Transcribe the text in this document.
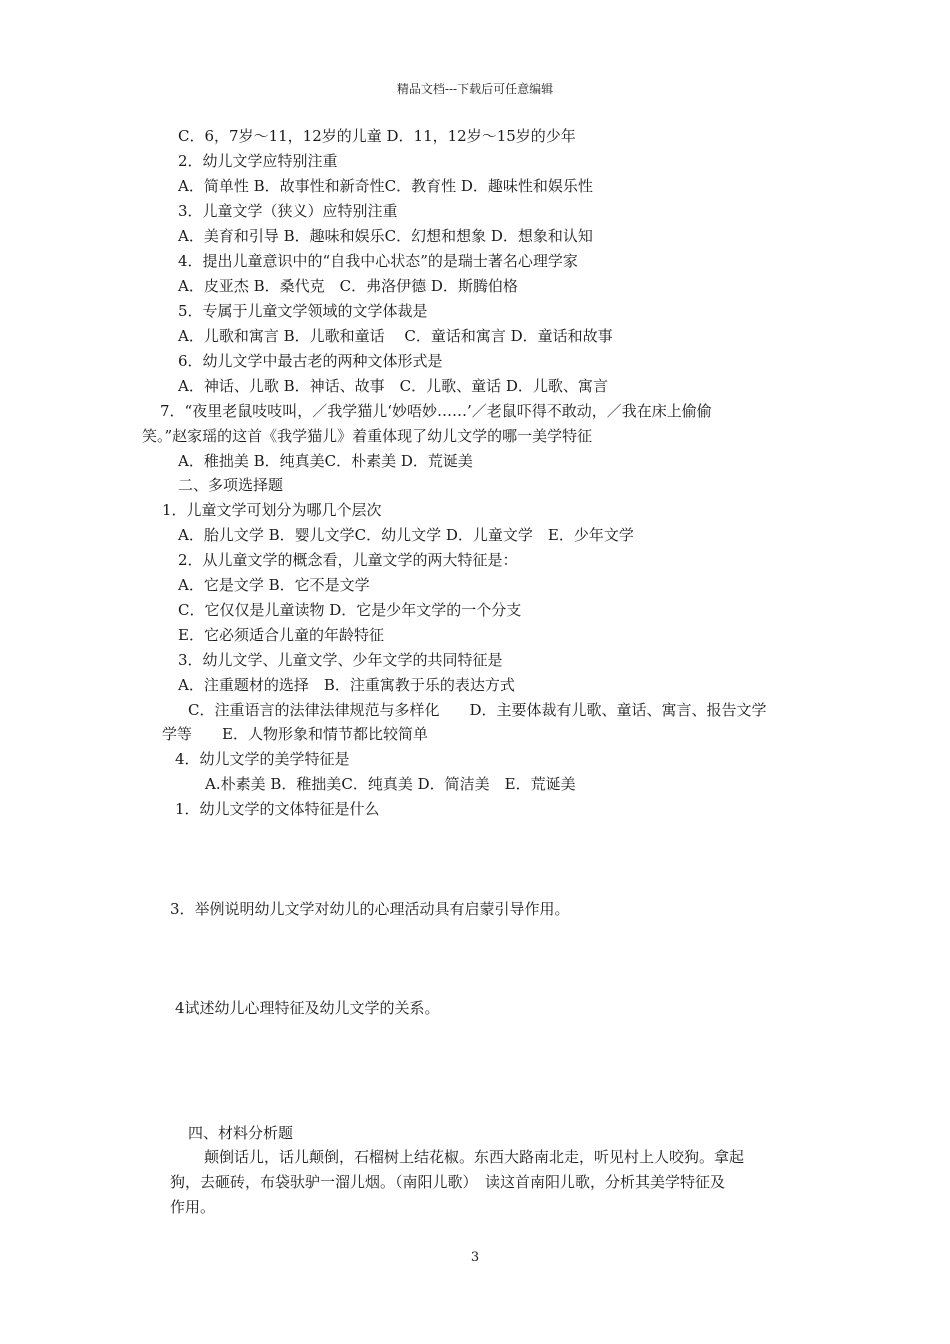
精品文档---下载后可任意编辑
C．6，7岁～11，12岁的儿童 D．11，12岁～15岁的少年
2．幼儿文学应特别注重
A．简单性 B．故事性和新奇性C．教育性 D．趣味性和娱乐性
3．儿童文学（狭义）应特别注重
A．美育和引导 B．趣味和娱乐C．幻想和想象 D．想象和认知
4．提出儿童意识中的“自我中心状态”的是瑞士著名心理学家
A．皮亚杰 B．桑代克　C．弗洛伊德 D．斯腾伯格
5．专属于儿童文学领域的文学体裁是
A．儿歌和寓言 B．儿歌和童话　 C．童话和寓言 D．童话和故事
6．幼儿文学中最古老的两种文体形式是
A．神话、儿歌 B．神话、故事　C．儿歌、童话 D．儿歌、寓言
7．“夜里老鼠吱吱叫，／我学猫儿‘妙唔妙……’／老鼠吓得不敢动，／我在床上偷偷
笑。”赵家瑶的这首《我学猫儿》着重体现了幼儿文学的哪一美学特征
A．稚拙美 B．纯真美C．朴素美 D．荒诞美
二、多项选择题
1．儿童文学可划分为哪几个层次
A．胎儿文学 B．婴儿文学C．幼儿文学 D．儿童文学　E．少年文学
2．从儿童文学的概念看，儿童文学的两大特征是：
A．它是文学 B．它不是文学
C．它仅仅是儿童读物 D．它是少年文学的一个分支
E．它必须适合儿童的年龄特征
3．幼儿文学、儿童文学、少年文学的共同特征是
A．注重题材的选择　B．注重寓教于乐的表达方式
C．注重语言的法律法律规范与多样化　　D．主要体裁有儿歌、童话、寓言、报告文学
学等　　E．人物形象和情节都比较简单
4．幼儿文学的美学特征是
A.朴素美 B．稚拙美C．纯真美 D．简洁美　E．荒诞美
1．幼儿文学的文体特征是什么
3．举例说明幼儿文学对幼儿的心理活动具有启蒙引导作用。
4试述幼儿心理特征及幼儿文学的关系。
四、材料分析题
颠倒话儿，话儿颠倒，石榴树上结花椒。东西大路南北走，听见村上人咬狗。拿起
狗，去砸砖，布袋驮驴一溜儿烟。（南阳儿歌）　读这首南阳儿歌，分析其美学特征及
作用。
3
